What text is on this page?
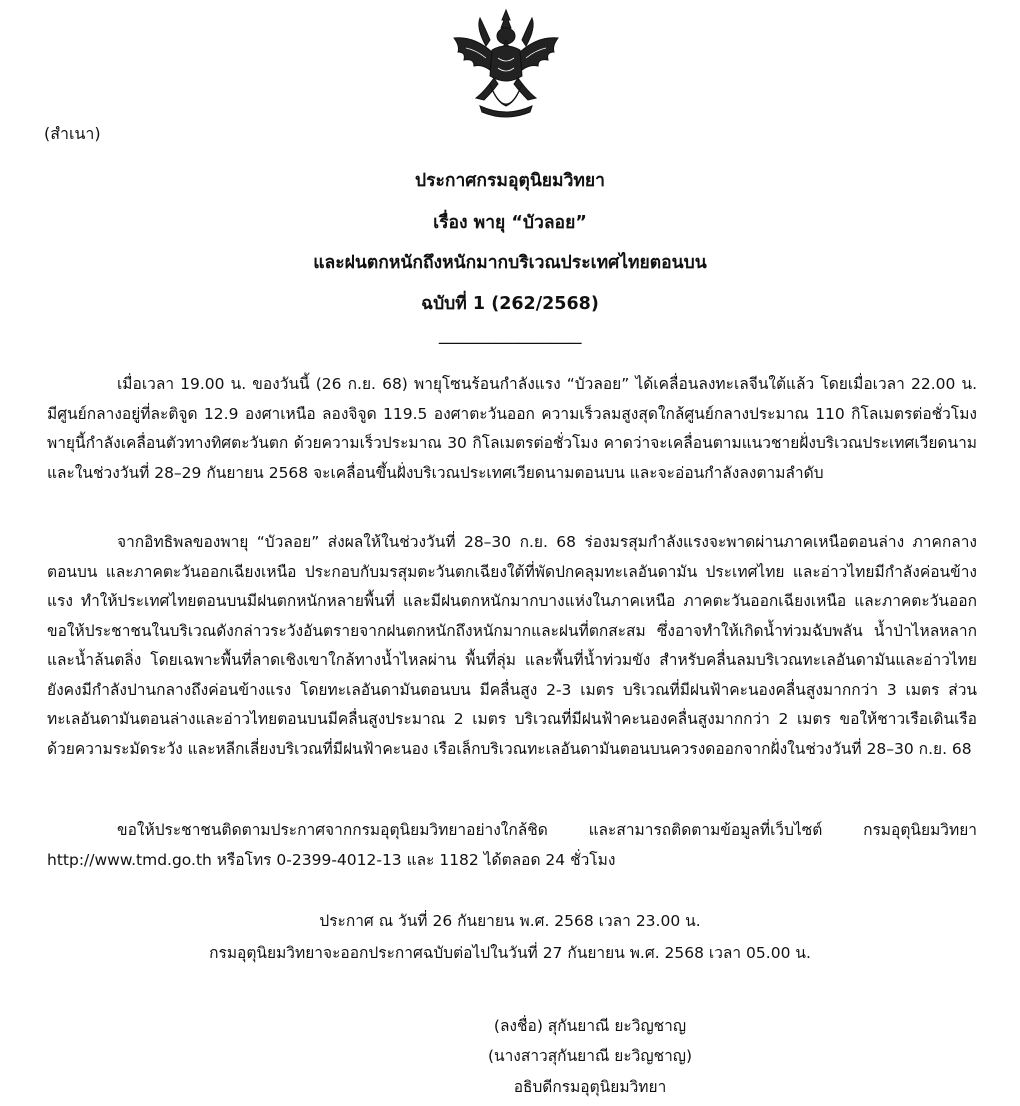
(สำเนา)
ประกาศกรมอุตุนิยมวิทยา
เรื่อง พายุ “บัวลอย”
และฝนตกหนักถึงหนักมากบริเวณประเทศไทยตอนบน
ฉบับที่ 1 (262/2568)
_______________________
เมื่อเวลา 19.00 น. ของวันนี้ (26 ก.ย. 68) พายุโซนร้อนกำลังแรง “บัวลอย” ได้เคลื่อนลงทะเลจีนใต้แล้ว โดยเมื่อเวลา 22.00 น. มีศูนย์กลางอยู่ที่ละติจูด 12.9 องศาเหนือ ลองจิจูด 119.5 องศาตะวันออก ความเร็วลมสูงสุดใกล้ศูนย์กลางประมาณ 110 กิโลเมตรต่อชั่วโมง พายุนี้กำลังเคลื่อนตัวทางทิศตะวันตก ด้วยความเร็วประมาณ 30 กิโลเมตรต่อชั่วโมง คาดว่าจะเคลื่อนตามแนวชายฝั่งบริเวณประเทศเวียดนาม และในช่วงวันที่ 28–29 กันยายน 2568 จะเคลื่อนขึ้นฝั่งบริเวณประเทศเวียดนามตอนบน และจะอ่อนกำลังลงตามลำดับ
จากอิทธิพลของพายุ “บัวลอย” ส่งผลให้ในช่วงวันที่ 28–30 ก.ย. 68 ร่องมรสุมกำลังแรงจะพาดผ่านภาคเหนือตอนล่าง ภาคกลางตอนบน และภาคตะวันออกเฉียงเหนือ ประกอบกับมรสุมตะวันตกเฉียงใต้ที่พัดปกคลุมทะเลอันดามัน ประเทศไทย และอ่าวไทยมีกำลังค่อนข้างแรง ทำให้ประเทศไทยตอนบนมีฝนตกหนักหลายพื้นที่ และมีฝนตกหนักมากบางแห่งในภาคเหนือ ภาคตะวันออกเฉียงเหนือ และภาคตะวันออก ขอให้ประชาชนในบริเวณดังกล่าวระวังอันตรายจากฝนตกหนักถึงหนักมากและฝนที่ตกสะสม ซึ่งอาจทำให้เกิดน้ำท่วมฉับพลัน น้ำป่าไหลหลาก และน้ำล้นตลิ่ง โดยเฉพาะพื้นที่ลาดเชิงเขาใกล้ทางน้ำไหลผ่าน พื้นที่ลุ่ม และพื้นที่น้ำท่วมขัง สำหรับคลื่นลมบริเวณทะเลอันดามันและอ่าวไทยยังคงมีกำลังปานกลางถึงค่อนข้างแรง โดยทะเลอันดามันตอนบน มีคลื่นสูง 2-3 เมตร บริเวณที่มีฝนฟ้าคะนองคลื่นสูงมากกว่า 3 เมตร ส่วนทะเลอันดามันตอนล่างและอ่าวไทยตอนบนมีคลื่นสูงประมาณ 2 เมตร บริเวณที่มีฝนฟ้าคะนองคลื่นสูงมากกว่า 2 เมตร ขอให้ชาวเรือเดินเรือด้วยความระมัดระวัง และหลีกเลี่ยงบริเวณที่มีฝนฟ้าคะนอง เรือเล็กบริเวณทะเลอันดามันตอนบนควรงดออกจากฝั่งในช่วงวันที่ 28–30 ก.ย. 68
ขอให้ประชาชนติดตามประกาศจากกรมอุตุนิยมวิทยาอย่างใกล้ชิด และสามารถติดตามข้อมูลที่เว็บไซต์ กรมอุตุนิยมวิทยา http://www.tmd.go.th หรือโทร 0-2399-4012-13 และ 1182 ได้ตลอด 24 ชั่วโมง
ประกาศ ณ วันที่ 26 กันยายน พ.ศ. 2568 เวลา 23.00 น.
กรมอุตุนิยมวิทยาจะออกประกาศฉบับต่อไปในวันที่ 27 กันยายน พ.ศ. 2568 เวลา 05.00 น.
(ลงชื่อ) สุกันยาณี ยะวิญชาญ
(นางสาวสุกันยาณี ยะวิญชาญ)
อธิบดีกรมอุตุนิยมวิทยา
